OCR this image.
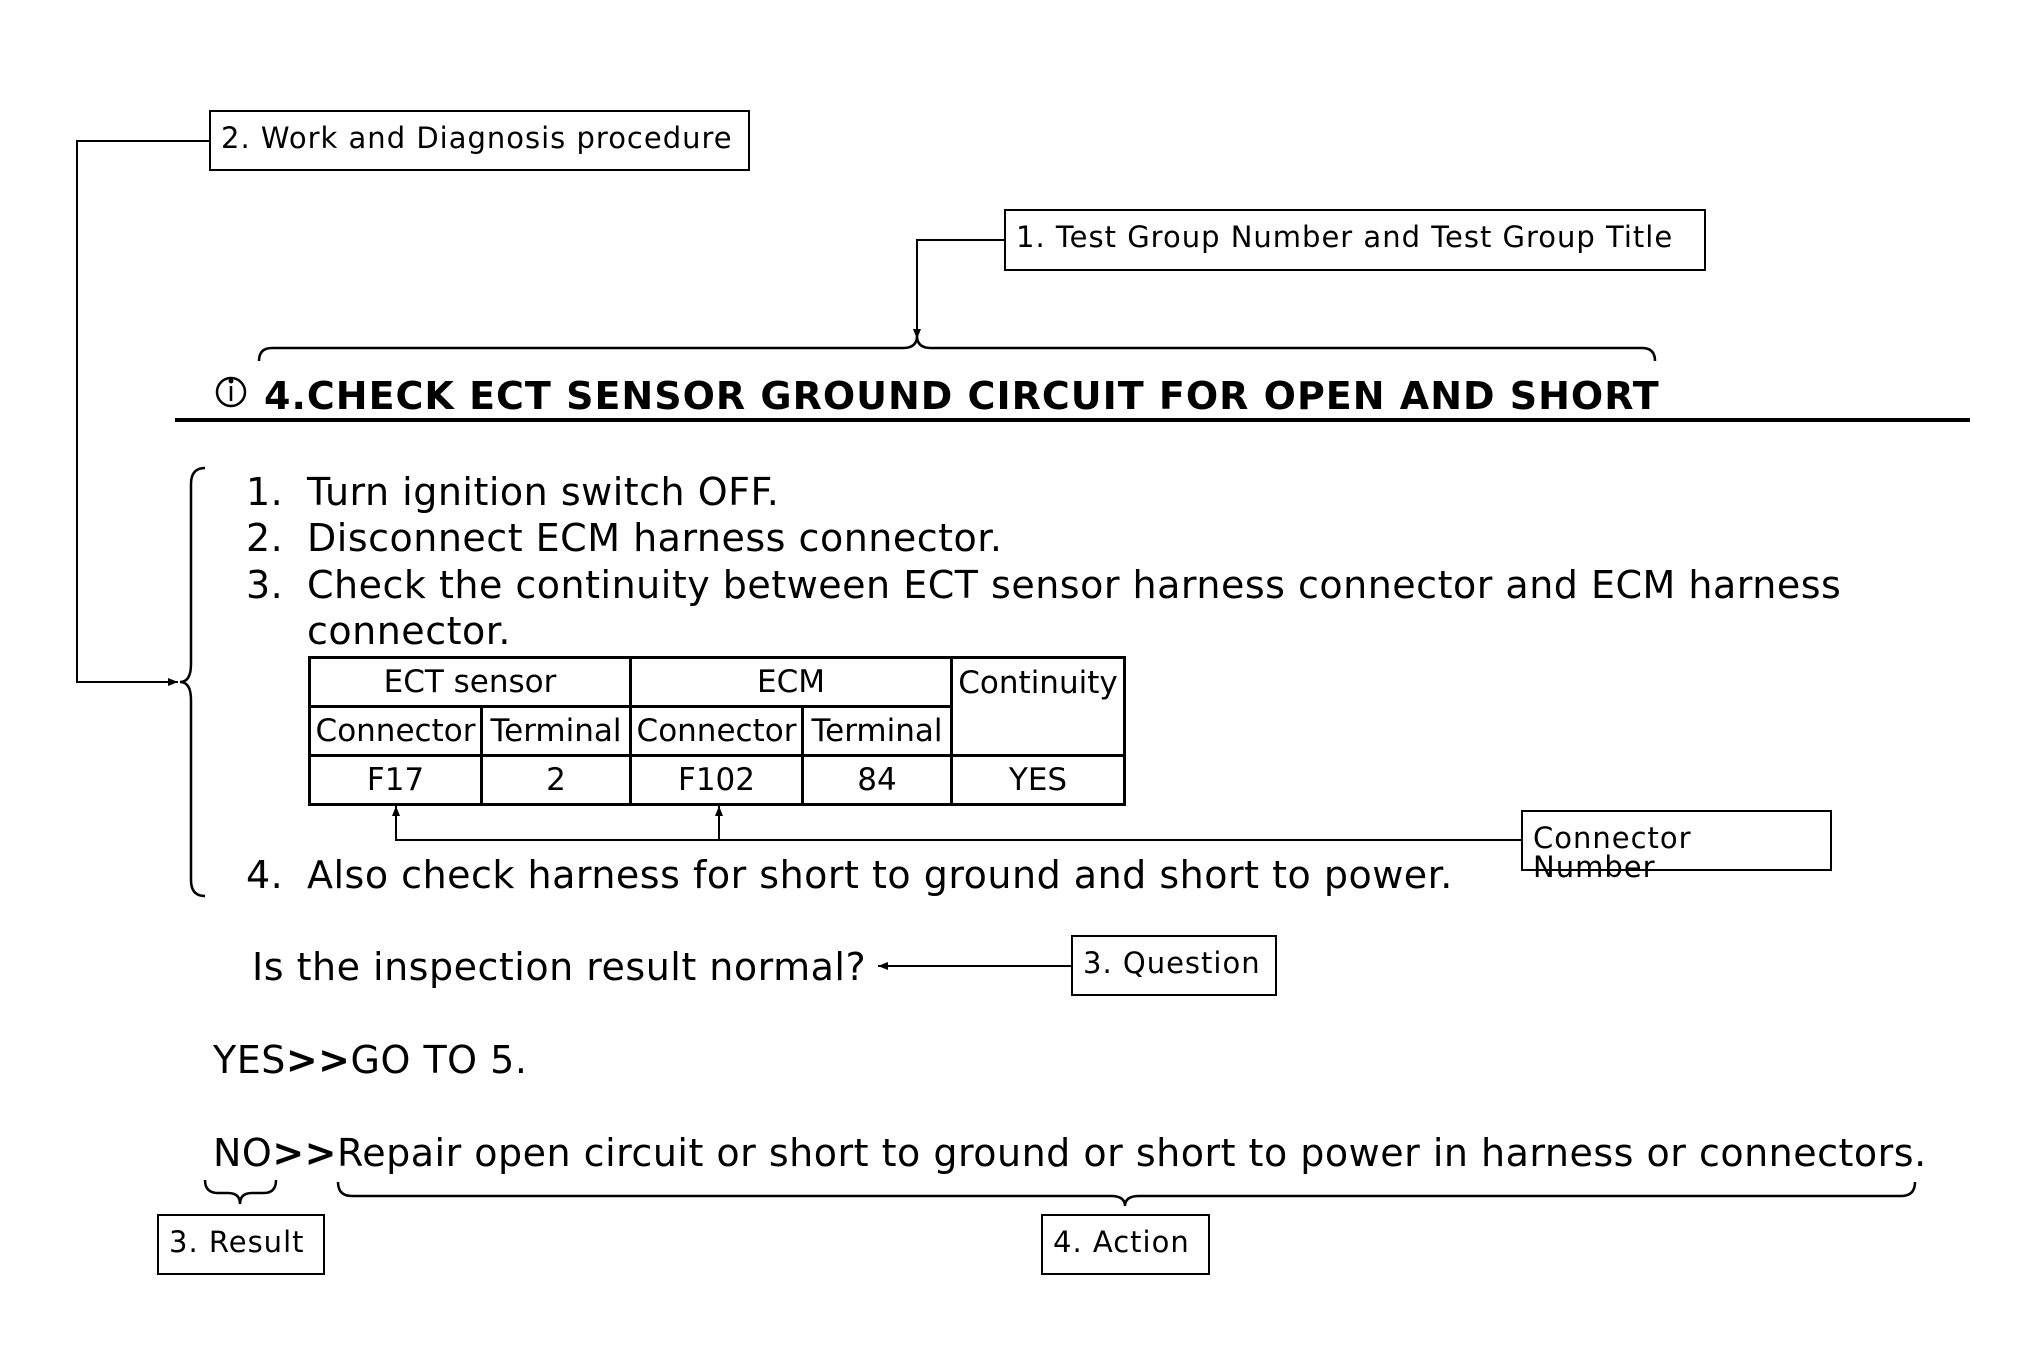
2. Work and Diagnosis procedure
1. Test Group Number and Test Group Title
Connector Number
3. Question
3. Result	4. Action
4.CHECK ECT SENSOR GROUND CIRCUIT FOR OPEN AND SHORT
1. Turn ignition switch OFF.
2. Disconnect ECM harness connector.
3. Check the continuity between ECT sensor harness connector and ECM harness
connector.
ECT sensor		ECM		Continuity
Connector	Terminal	Connector	Terminal	
F17	2	F102	84	YES
4. Also check harness for short to ground and short to power.
Is the inspection result normal?
YES>>GO TO 5.
NO>>Repair open circuit or short to ground or short to power in harness or connectors.
